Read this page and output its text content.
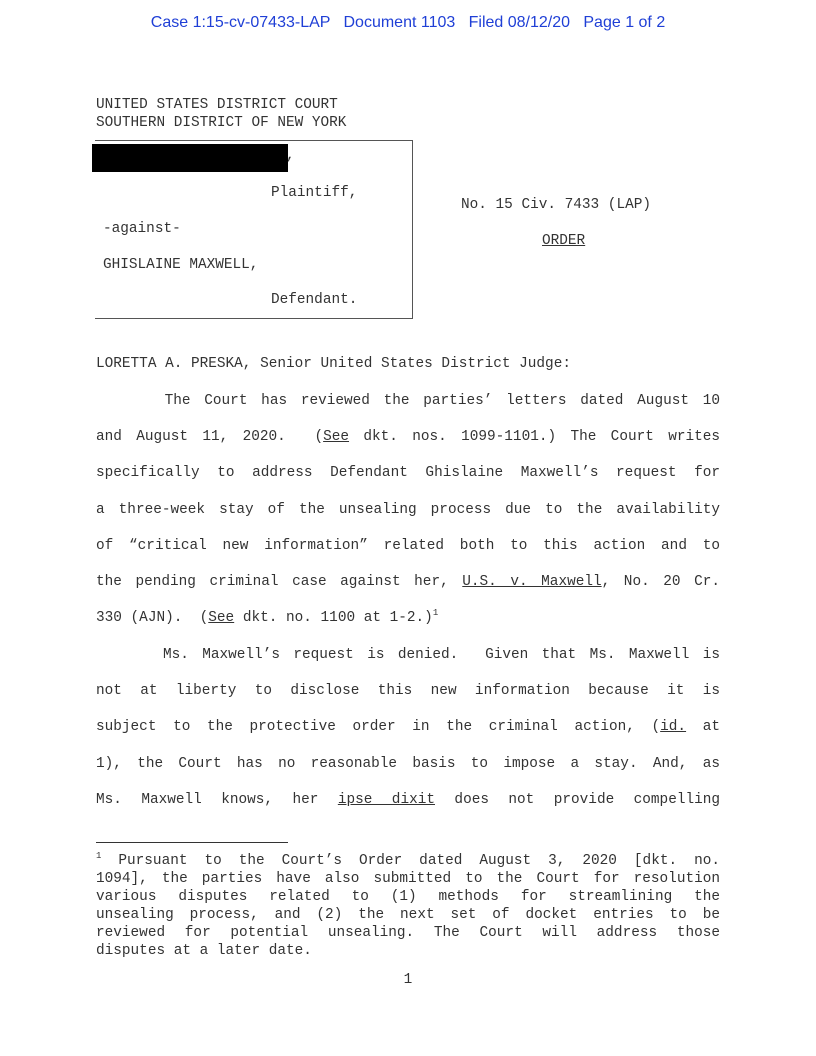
Case 1:15-cv-07433-LAP Document 1103 Filed 08/12/20 Page 1 of 2
UNITED STATES DISTRICT COURT
SOUTHERN DISTRICT OF NEW YORK
,
Plaintiff,
-against-
GHISLAINE MAXWELL,
Defendant.
No. 15 Civ. 7433 (LAP)
ORDER
LORETTA A. PRESKA, Senior United States District Judge:
The Court has reviewed the parties’ letters dated August 10
and August 11, 2020.  (See dkt. nos. 1099-1101.) The Court writes
specifically to address Defendant Ghislaine Maxwell’s request for
a three-week stay of the unsealing process due to the availability
of “critical new information” related both to this action and to
the pending criminal case against her, U.S. v. Maxwell, No. 20 Cr.
330 (AJN).  (See dkt. no. 1100 at 1-2.)$^1$
Ms. Maxwell’s request is denied.  Given that Ms. Maxwell is
not at liberty to disclose this new information because it is
subject to the protective order in the criminal action, (id. at
1), the Court has no reasonable basis to impose a stay. And, as
Ms. Maxwell knows, her ipse dixit does not provide compelling
$^1$ Pursuant to the Court’s Order dated August 3, 2020 [dkt. no.
1094], the parties have also submitted to the Court for resolution
various disputes related to (1) methods for streamlining the
unsealing process, and (2) the next set of docket entries to be
reviewed for potential unsealing. The Court will address those
disputes at a later date.
1
